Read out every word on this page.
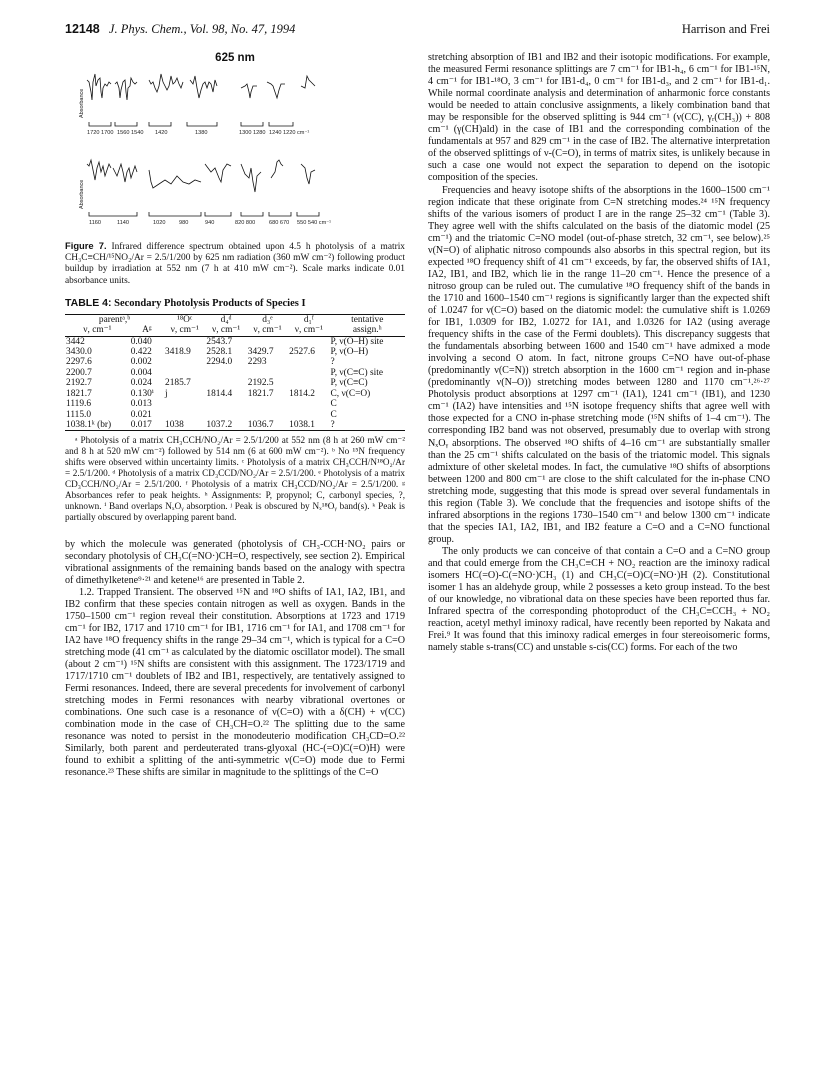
12148 J. Phys. Chem., Vol. 98, No. 47, 1994	Harrison and Frei
625 nm
Absorbance
Absorbance
1720 1700 1560 1540 1420	1380	1300 1280 1240 1220 cm⁻¹
1160	1140	1020 980	940	820 800 680 670 550 540 cm⁻¹
Figure 7. Infrared difference spectrum obtained upon 4.5 h photolysis of a matrix CH₃C≡CH/¹⁵NO₂/Ar = 2.5/1/200 by 625 nm radiation (360 mW cm⁻²) following product buildup by irradiation at 552 nm (7 h at 410 mW cm⁻²). Scale marks indicate 0.01 absorbance units.
TABLE 4: Secondary Photolysis Products of Species I
parentᵃ,ᵇ		¹⁸Oᶜ	d₄ᵈ	d₃ᵉ	d₁ᶠ	tentative
ν, cm⁻¹	Aᵍ	ν, cm⁻¹	ν, cm⁻¹	ν, cm⁻¹	ν, cm⁻¹	assign.ʰ
3442	0.040		2543.7			P, ν(O–H) site
3430.0	0.422	3418.9	2528.1	3429.7	2527.6	P, ν(O–H)
2297.6	0.002		2294.0	2293		?
2200.7	0.004					P, ν(C≡C) site
2192.7	0.024	2185.7		2192.5		P, ν(C≡C)
1821.7	0.130ⁱ	j	1814.4	1821.7	1814.2	C, ν(C=O)
1119.6	0.013					C
1115.0	0.021					C
1038.1ᵏ (br)	0.017	1038	1037.2	1036.7	1038.1	?
ᵃ Photolysis of a matrix CH₃CCH/NO₂/Ar = 2.5/1/200 at 552 nm (8 h at 260 mW cm⁻² and 8 h at 520 mW cm⁻²) followed by 514 nm (6 at 600 mW cm⁻²). ᵇ No ¹⁵N frequency shifts were observed within uncertainty limits. ᶜ Photolysis of a matrix CH₃CCH/N¹⁸O₂/Ar = 2.5/1/200. ᵈ Photolysis of a matrix CD₃CCD/NO₂/Ar = 2.5/1/200. ᵉ Photolysis of a matrix CD₃CCH/NO₂/Ar = 2.5/1/200. ᶠ Photolysis of a matrix CH₃CCD/NO₂/Ar = 2.5/1/200. ᵍ Absorbances refer to peak heights. ʰ Assignments: P, propynol; C, carbonyl species, ?, unknown. ⁱ Band overlaps NₓOᵧ absorption. ʲ Peak is obscured by Nₓ¹⁸Oᵧ band(s). ᵏ Peak is partially obscured by overlapping parent band.

by which the molecule was generated (photolysis of CH₃-CCH·NO₂ pairs or secondary photolysis of CH₃C(=NO·)CH=O, respectively, see section 2). Empirical vibrational assignments of the remaining bands based on the analogy with spectra of dimethylketene⁹·²¹ and ketene¹⁶ are presented in Table 2.

1.2. Trapped Transient. The observed ¹⁵N and ¹⁸O shifts of IA1, IA2, IB1, and IB2 confirm that these species contain nitrogen as well as oxygen. Bands in the 1750–1500 cm⁻¹ region reveal their constitution. Absorptions at 1723 and 1719 cm⁻¹ for IB2, 1717 and 1710 cm⁻¹ for IB1, 1716 cm⁻¹ for IA1, and 1708 cm⁻¹ for IA2 have ¹⁸O frequency shifts in the range 29–34 cm⁻¹, which is typical for a C=O stretching mode (41 cm⁻¹ as calculated by the diatomic oscillator model). The small (about 2 cm⁻¹) ¹⁵N shifts are consistent with this assignment. The 1723/1719 and 1717/1710 cm⁻¹ doublets of IB2 and IB1, respectively, are tentatively assigned to Fermi resonances. Indeed, there are several precedents for involvement of carbonyl stretching modes in Fermi resonances with nearby vibrational overtones or combinations. One such case is a resonance of ν(C=O) with a δ(CH) + ν(CC) combination mode in the case of CH₃CH=O.²² The splitting due to the same resonance was noted to persist in the monodeuterio modification CH₃CD=O.²² Similarly, both parent and perdeuterated trans-glyoxal (HC-(=O)C(=O)H) were found to exhibit a splitting of the anti-symmetric ν(C=O) mode due to Fermi resonance.²³ These shifts are similar in magnitude to the splittings of the C=O

stretching absorption of IB1 and IB2 and their isotopic modifications. For example, the measured Fermi resonance splittings are 7 cm⁻¹ for IB1-h₄, 6 cm⁻¹ for IB1-¹⁵N, 4 cm⁻¹ for IB1-¹⁸O, 3 cm⁻¹ for IB1-d₄, 0 cm⁻¹ for IB1-d₃, and 2 cm⁻¹ for IB1-d₁. While normal coordinate analysis and determination of anharmonic force constants would be needed to attain conclusive assignments, a likely combination band that may be responsible for the observed splitting is 944 cm⁻¹ (ν(CC), γᵣ(CH₃)) + 808 cm⁻¹ (γ(CH)ald) in the case of IB1 and the corresponding combination of the fundamentals at 957 and 829 cm⁻¹ in the case of IB2. The alternative interpretation of the observed splittings of ν-(C=O), in terms of matrix sites, is unlikely because in such a case one would not expect the separation to depend on the isotopic composition of the species.

Frequencies and heavy isotope shifts of the absorptions in the 1600–1500 cm⁻¹ region indicate that these originate from C=N stretching modes.²⁴ ¹⁵N frequency shifts of the various isomers of product I are in the range 25–32 cm⁻¹ (Table 3). They agree well with the shifts calculated on the basis of the diatomic model (25 cm⁻¹) and the triatomic C=NO model (out-of-phase stretch, 32 cm⁻¹, see below).²⁵ ν(N=O) of aliphatic nitroso compounds also absorbs in this spectral region, but its expected ¹⁸O frequency shift of 41 cm⁻¹ exceeds, by far, the observed shifts of IA1, IA2, IB1, and IB2, which lie in the range 11–20 cm⁻¹. Hence the presence of a nitroso group can be ruled out. The cumulative ¹⁸O frequency shift of the bands in the 1710 and 1600–1540 cm⁻¹ regions is significantly larger than the expected shift of 1.0247 for ν(C=O) based on the diatomic model: the cumulative shift is 1.0269 for IB1, 1.0309 for IB2, 1.0272 for IA1, and 1.0326 for IA2 (using average frequency shifts in the case of the Fermi doublets). This discrepancy suggests that the fundamentals absorbing between 1600 and 1540 cm⁻¹ have admixed a mode involving a second O atom. In fact, nitrone groups C=NO have out-of-phase (predominantly ν(C=N)) stretch absorption in the 1600 cm⁻¹ region and in-phase (predominantly ν(N–O)) stretching modes between 1280 and 1170 cm⁻¹.²⁶·²⁷ Photolysis product absorptions at 1297 cm⁻¹ (IA1), 1241 cm⁻¹ (IB1), and 1230 cm⁻¹ (IA2) have intensities and ¹⁵N isotope frequency shifts that agree well with those expected for a CNO in-phase stretching mode (¹⁵N shifts of 1–4 cm⁻¹). The corresponding IB2 band was not observed, presumably due to overlap with strong NₓOᵧ absorptions. The observed ¹⁸O shifts of 4–16 cm⁻¹ are substantially smaller than the 25 cm⁻¹ shifts calculated on the basis of the triatomic model. This signals admixture of other skeletal modes. In fact, the cumulative ¹⁸O shifts of absorptions between 1200 and 800 cm⁻¹ are close to the shift calculated for the in-phase CNO stretching mode, suggesting that this mode is spread over several fundamentals in this region (Table 3). We conclude that the frequencies and isotope shifts of the infrared absorptions in the regions 1730–1540 cm⁻¹ and below 1300 cm⁻¹ indicate that the species IA1, IA2, IB1, and IB2 feature a C=O and a C=NO functional group.

The only products we can conceive of that contain a C=O and a C=NO group and that could emerge from the CH₃C≡CH + NO₂ reaction are the iminoxy radical isomers HC(=O)-C(=NO·)CH₃ (1) and CH₃C(=O)C(=NO·)H (2). Constitutional isomer 1 has an aldehyde group, while 2 possesses a keto group instead. To the best of our knowledge, no vibrational data on these species have been reported thus far. Infrared spectra of the corresponding photoproduct of the CH₃C≡CCH₃ + NO₂ reaction, acetyl methyl iminoxy radical, have recently been reported by Nakata and Frei.⁹ It was found that this iminoxy radical emerges in four stereoisomeric forms, namely stable s-trans(CC) and unstable s-cis(CC) forms. For each of the two
